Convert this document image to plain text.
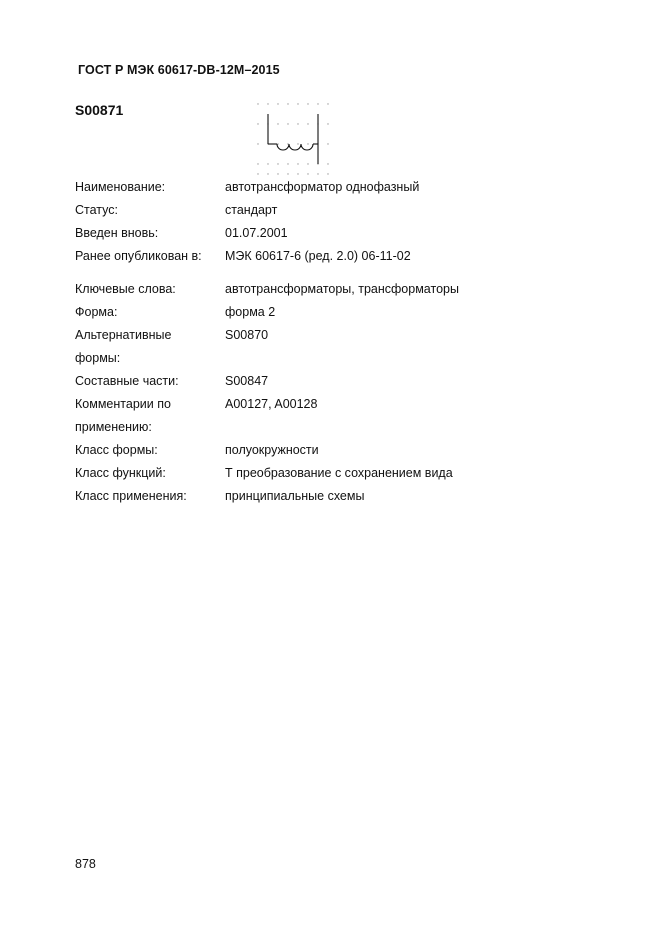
ГОСТ Р МЭК 60617-DB-12М–2015
S00871
Наименование:	автотрансформатор однофазный
Статус:	стандарт
Введен вновь:	01.07.2001
Ранее опубликован в:	МЭК 60617-6 (ред. 2.0) 06-11-02
Ключевые слова:	автотрансформаторы, трансформаторы
Форма:	форма 2
Альтернативные	S00870
формы:
Составные части:	S00847
Комментарии по	A00127, A00128
применению:
Класс формы:	полуокружности
Класс функций:	Т преобразование с сохранением вида
Класс применения:	принципиальные схемы
878
